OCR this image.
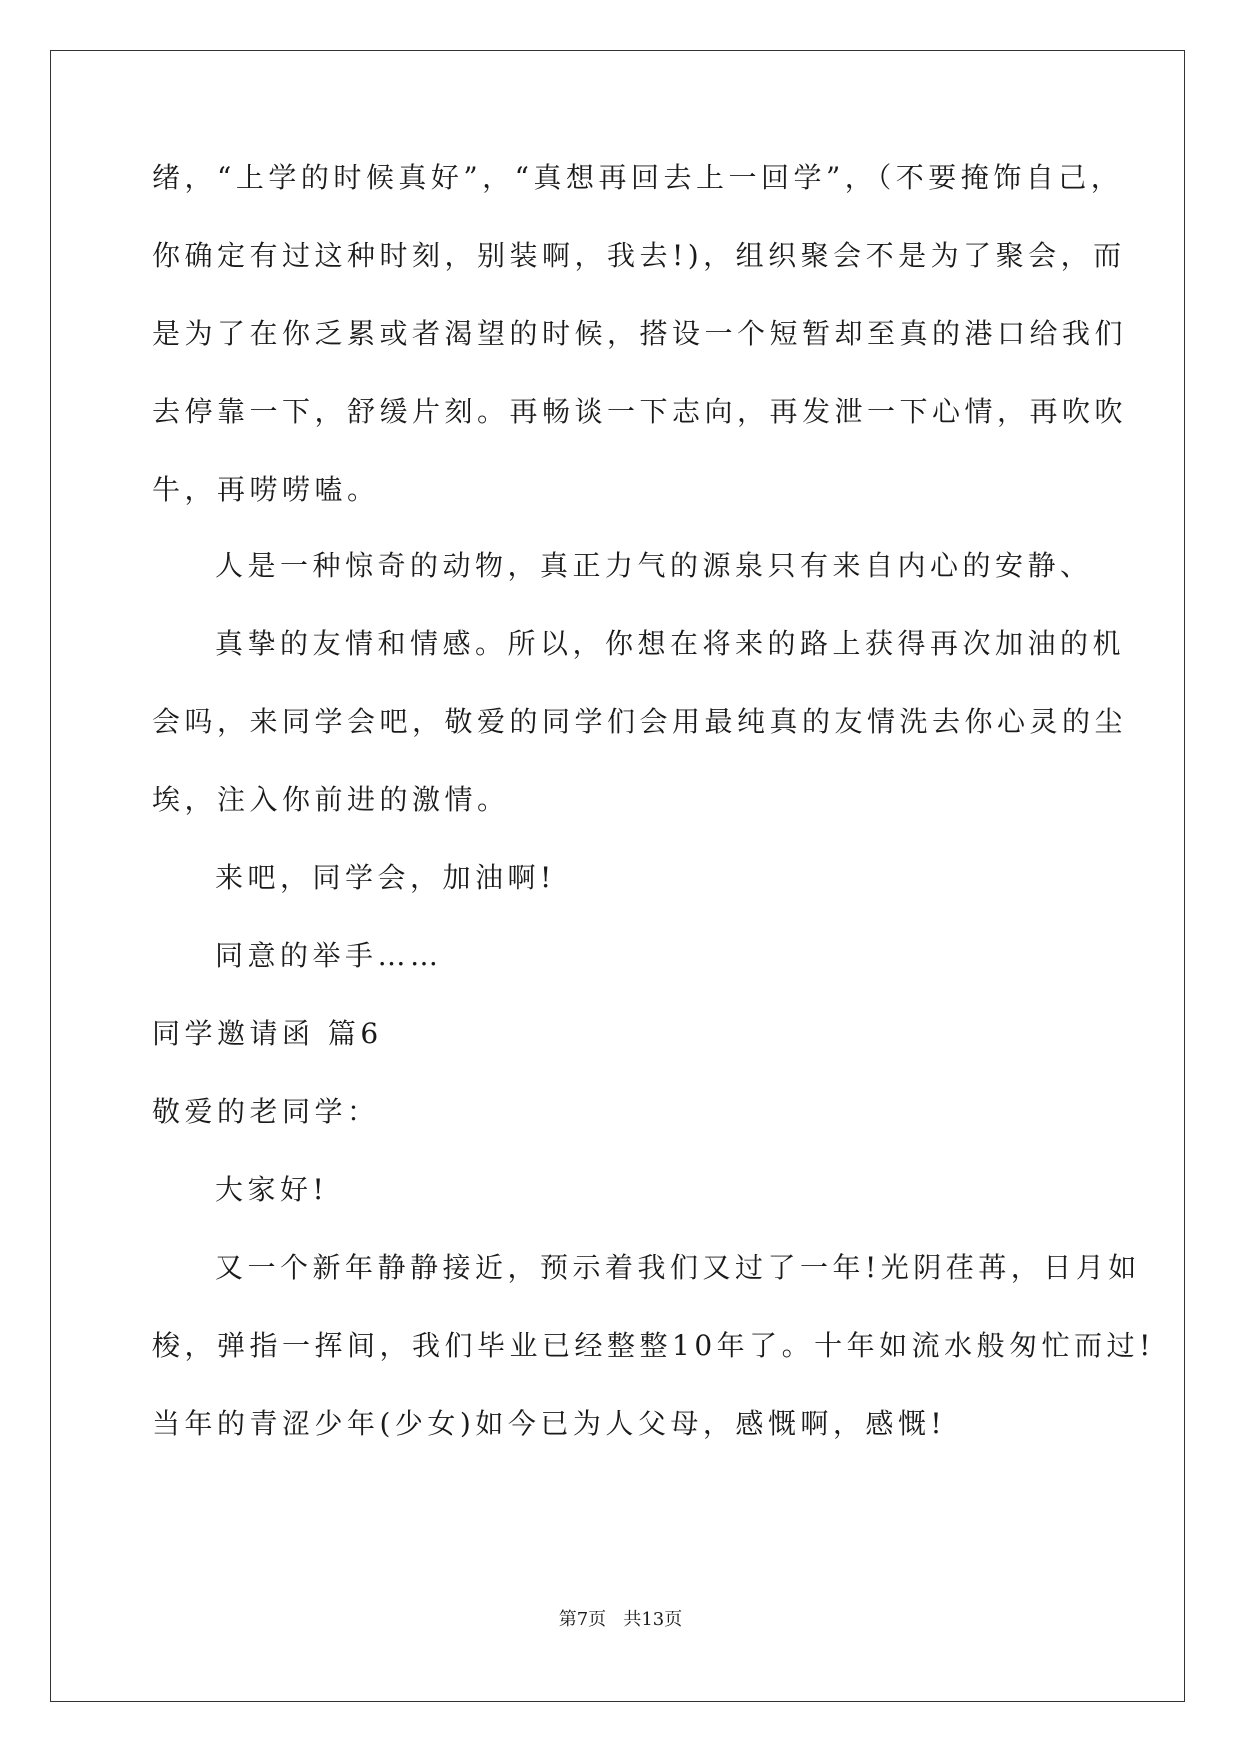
绪，“上学的时候真好”，“真想再回去上一回学”，（不要掩饰自己，
你确定有过这种时刻，别装啊，我去!)，组织聚会不是为了聚会，而
是为了在你乏累或者渴望的时候，搭设一个短暂却至真的港口给我们
去停靠一下，舒缓片刻。再畅谈一下志向，再发泄一下心情，再吹吹
牛，再唠唠嗑。
人是一种惊奇的动物，真正力气的源泉只有来自内心的安静、
真挚的友情和情感。所以，你想在将来的路上获得再次加油的机
会吗，来同学会吧，敬爱的同学们会用最纯真的友情洗去你心灵的尘
埃，注入你前进的激情。
来吧，同学会，加油啊!
同意的举手……
同学邀请函 篇6
敬爱的老同学：
大家好!
又一个新年静静接近，预示着我们又过了一年!光阴荏苒，日月如
梭，弹指一挥间，我们毕业已经整整10年了。十年如流水般匆忙而过!
当年的青涩少年(少女)如今已为人父母，感慨啊，感慨!
第7页   共13页
